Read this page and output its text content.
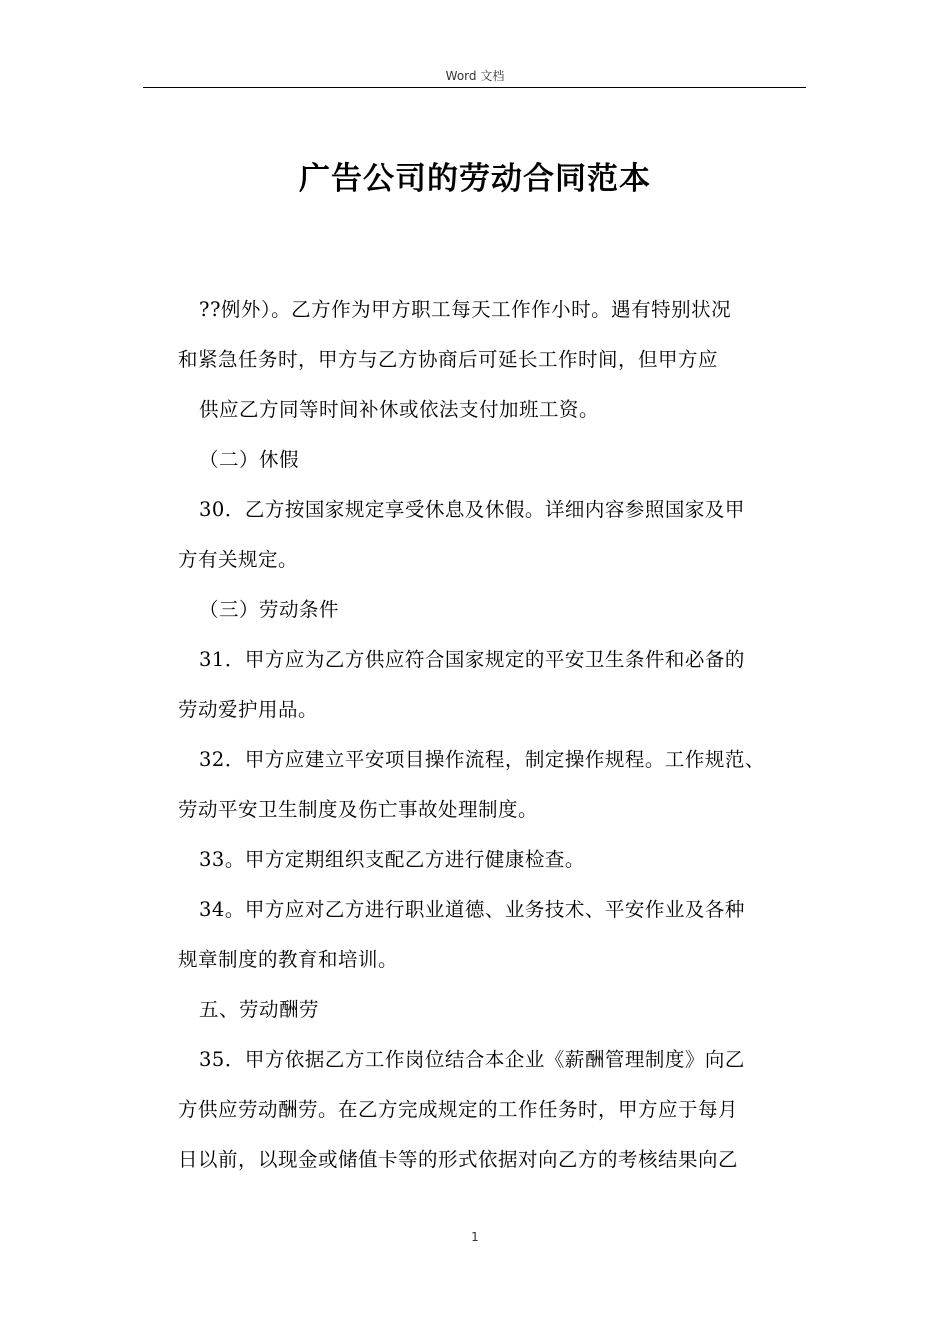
Word 文档
广告公司的劳动合同范本
??例外）。乙方作为甲方职工每天工作作小时。遇有特别状况
和紧急任务时，甲方与乙方协商后可延长工作时间，但甲方应
供应乙方同等时间补休或依法支付加班工资。
（二）休假
30．乙方按国家规定享受休息及休假。详细内容参照国家及甲
方有关规定。
（三）劳动条件
31．甲方应为乙方供应符合国家规定的平安卫生条件和必备的
劳动爱护用品。
32．甲方应建立平安项目操作流程，制定操作规程。工作规范、
劳动平安卫生制度及伤亡事故处理制度。
33。甲方定期组织支配乙方进行健康检查。
34。甲方应对乙方进行职业道德、业务技术、平安作业及各种
规章制度的教育和培训。
五、劳动酬劳
35．甲方依据乙方工作岗位结合本企业《薪酬管理制度》向乙
方供应劳动酬劳。在乙方完成规定的工作任务时，甲方应于每月
日以前，以现金或储值卡等的形式依据对向乙方的考核结果向乙
1
